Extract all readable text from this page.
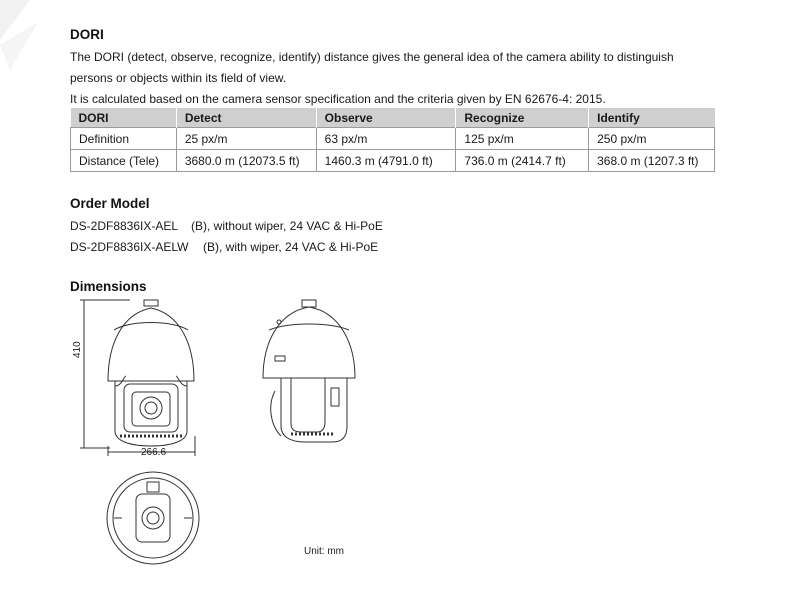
DORI
The DORI (detect, observe, recognize, identify) distance gives the general idea of the camera ability to distinguish
persons or objects within its field of view.
It is calculated based on the camera sensor specification and the criteria given by EN 62676-4: 2015.
DORI	Detect	Observe	Recognize	Identify
Definition	25 px/m	63 px/m	125 px/m	250 px/m
Distance (Tele)	3680.0 m (12073.5 ft)	1460.3 m (4791.0 ft)	736.0 m (2414.7 ft)	368.0 m (1207.3 ft)
Order Model
DS-2DF8836IX-AEL (B), without wiper, 24 VAC & Hi-PoE
DS-2DF8836IX-AELW (B), with wiper, 24 VAC & Hi-PoE
Dimensions
410
266.6
Unit: mm
